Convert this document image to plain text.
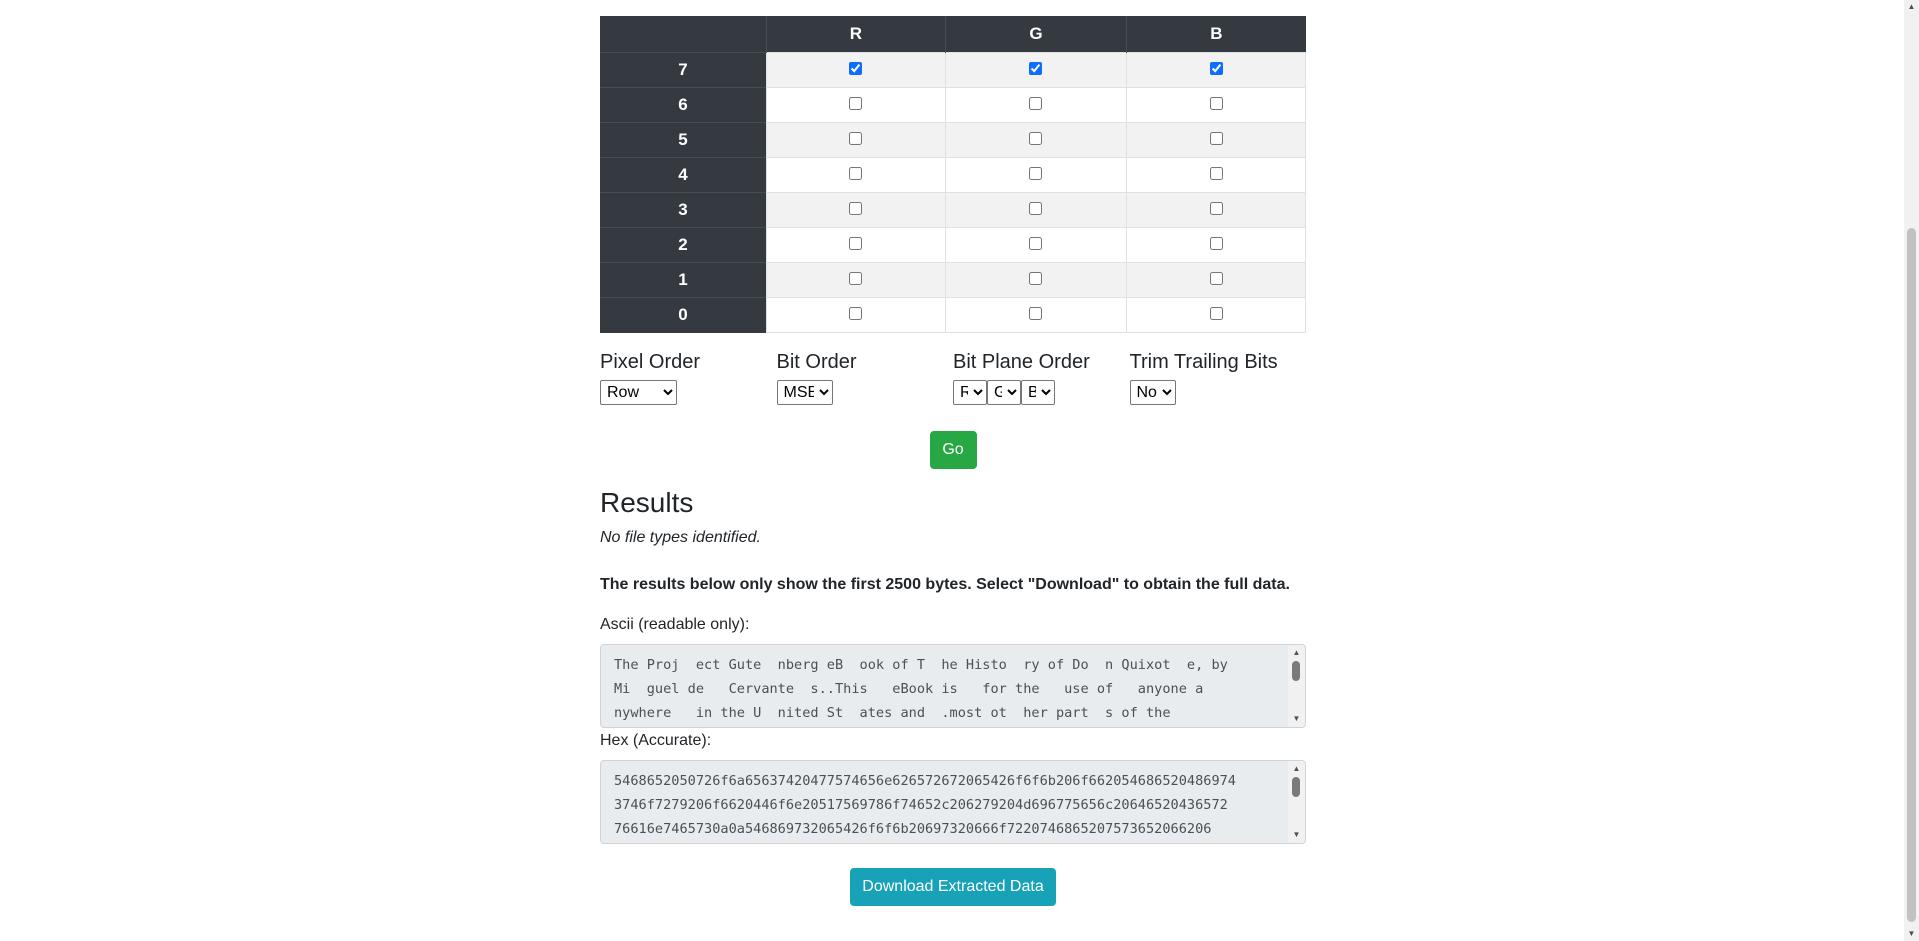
	R	G	B
7			
6			
5			
4			
3			
2			
1			
0			
Pixel Order
Row	Bit Order
MSB	Bit Plane Order
R
G
B	Trim Trailing Bits
No
Go
Results

No file types identified.

The results below only show the first 2500 bytes. Select "Download" to obtain the full data.

Ascii (readable only):

The Proj  ect Gute  nberg eB  ook of T  he Histo  ry of Do  n Quixot  e, by
Mi  guel de   Cervante  s..This   eBook is   for the   use of   anyone a
nywhere   in the U  nited St  ates and  .most ot  her part  s of the
▲
▼

Hex (Accurate):

5468652050726f6a65637420477574656e626572672065426f6f6b206f662054686520486974
3746f7279206f6620446f6e20517569786f74652c206279204d696775656c20646520436572
76616e7465730a0a546869732065426f6f6b20697320666f7220746865207573652066206
▲
▼
Download Extracted Data
▲
▼
